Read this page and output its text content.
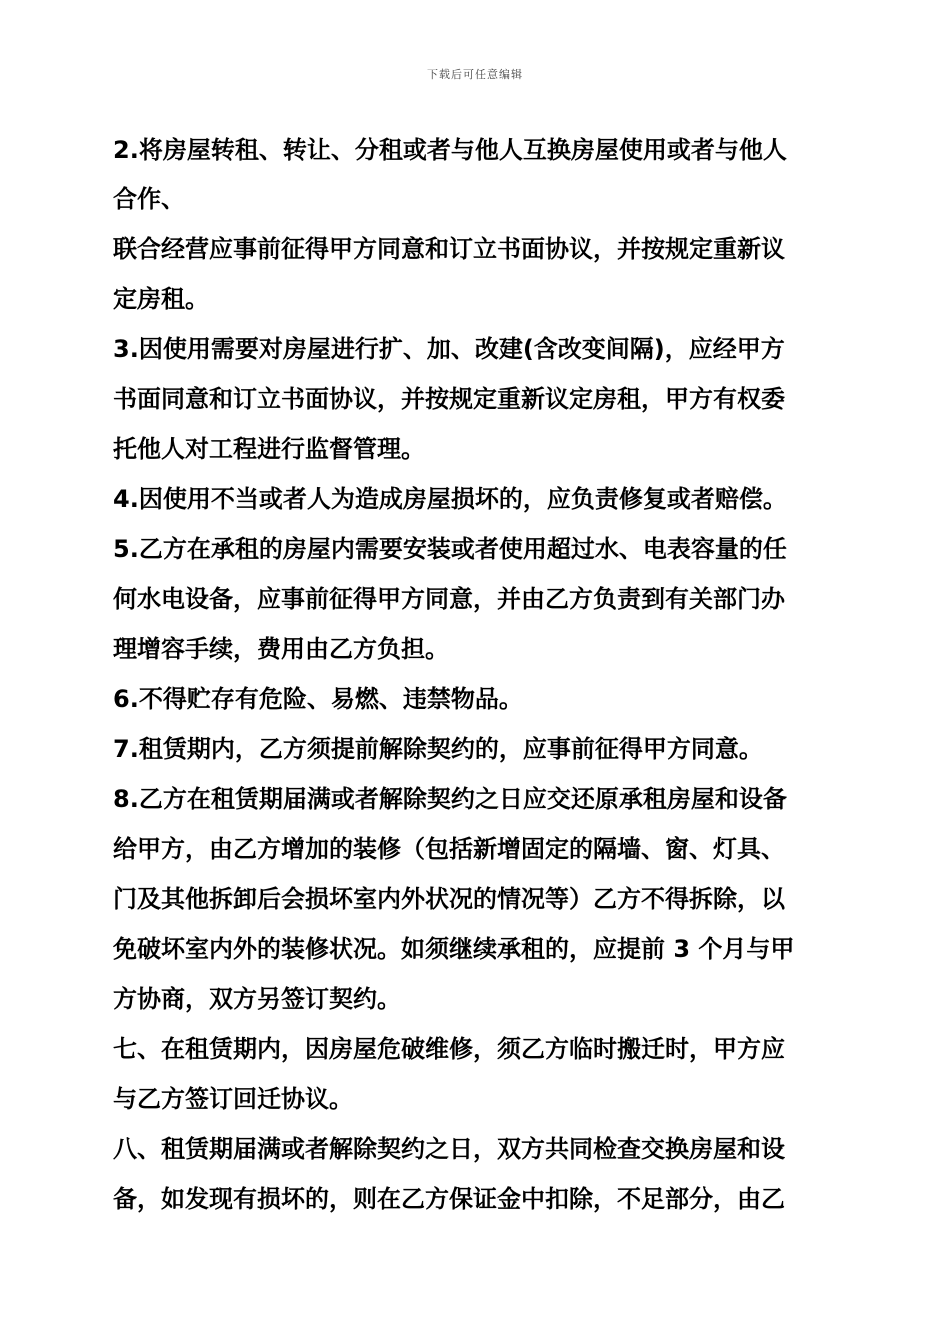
下载后可任意编辑
2.将房屋转租、转让、分租或者与他人互换房屋使用或者与他人
合作、
联合经营应事前征得甲方同意和订立书面协议，并按规定重新议
定房租。
3.因使用需要对房屋进行扩、加、改建(含改变间隔)，应经甲方
书面同意和订立书面协议，并按规定重新议定房租，甲方有权委
托他人对工程进行监督管理。
4.因使用不当或者人为造成房屋损坏的，应负责修复或者赔偿。
5.乙方在承租的房屋内需要安装或者使用超过水、电表容量的任
何水电设备，应事前征得甲方同意，并由乙方负责到有关部门办
理增容手续，费用由乙方负担。
6.不得贮存有危险、易燃、违禁物品。
7.租赁期内，乙方须提前解除契约的，应事前征得甲方同意。
8.乙方在租赁期届满或者解除契约之日应交还原承租房屋和设备
给甲方，由乙方增加的装修（包括新增固定的隔墙、窗、灯具、
门及其他拆卸后会损坏室内外状况的情况等）乙方不得拆除，以
免破坏室内外的装修状况。如须继续承租的，应提前 3 个月与甲
方协商，双方另签订契约。
七、在租赁期内，因房屋危破维修，须乙方临时搬迁时，甲方应
与乙方签订回迁协议。
八、租赁期届满或者解除契约之日，双方共同检查交换房屋和设
备，如发现有损坏的，则在乙方保证金中扣除，不足部分，由乙
